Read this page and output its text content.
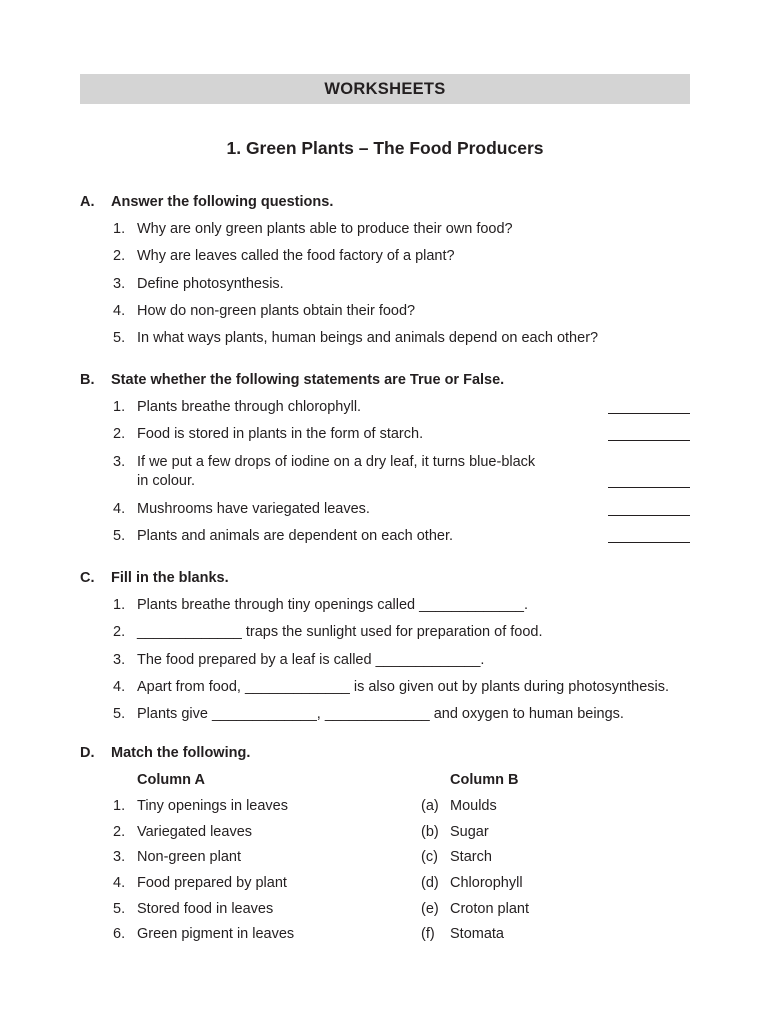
WORKSHEETS
1. Green Plants – The Food Producers
A. Answer the following questions.
1. Why are only green plants able to produce their own food?
2. Why are leaves called the food factory of a plant?
3. Define photosynthesis.
4. How do non-green plants obtain their food?
5. In what ways plants, human beings and animals depend on each other?
B. State whether the following statements are True or False.
1. Plants breathe through chlorophyll.
2. Food is stored in plants in the form of starch.
3. If we put a few drops of iodine on a dry leaf, it turns blue-black
in colour.
4. Mushrooms have variegated leaves.
5. Plants and animals are dependent on each other.
C. Fill in the blanks.
1. Plants breathe through tiny openings called _____________.
2. _____________ traps the sunlight used for preparation of food.
3. The food prepared by a leaf is called _____________.
4. Apart from food, _____________ is also given out by plants during photosynthesis.
5. Plants give _____________, _____________ and oxygen to human beings.
D. Match the following.
Column A	Column B
1. Tiny openings in leaves	(a) Moulds
2. Variegated leaves	(b) Sugar
3. Non-green plant	(c) Starch
4. Food prepared by plant	(d) Chlorophyll
5. Stored food in leaves	(e) Croton plant
6. Green pigment in leaves	(f) Stomata
